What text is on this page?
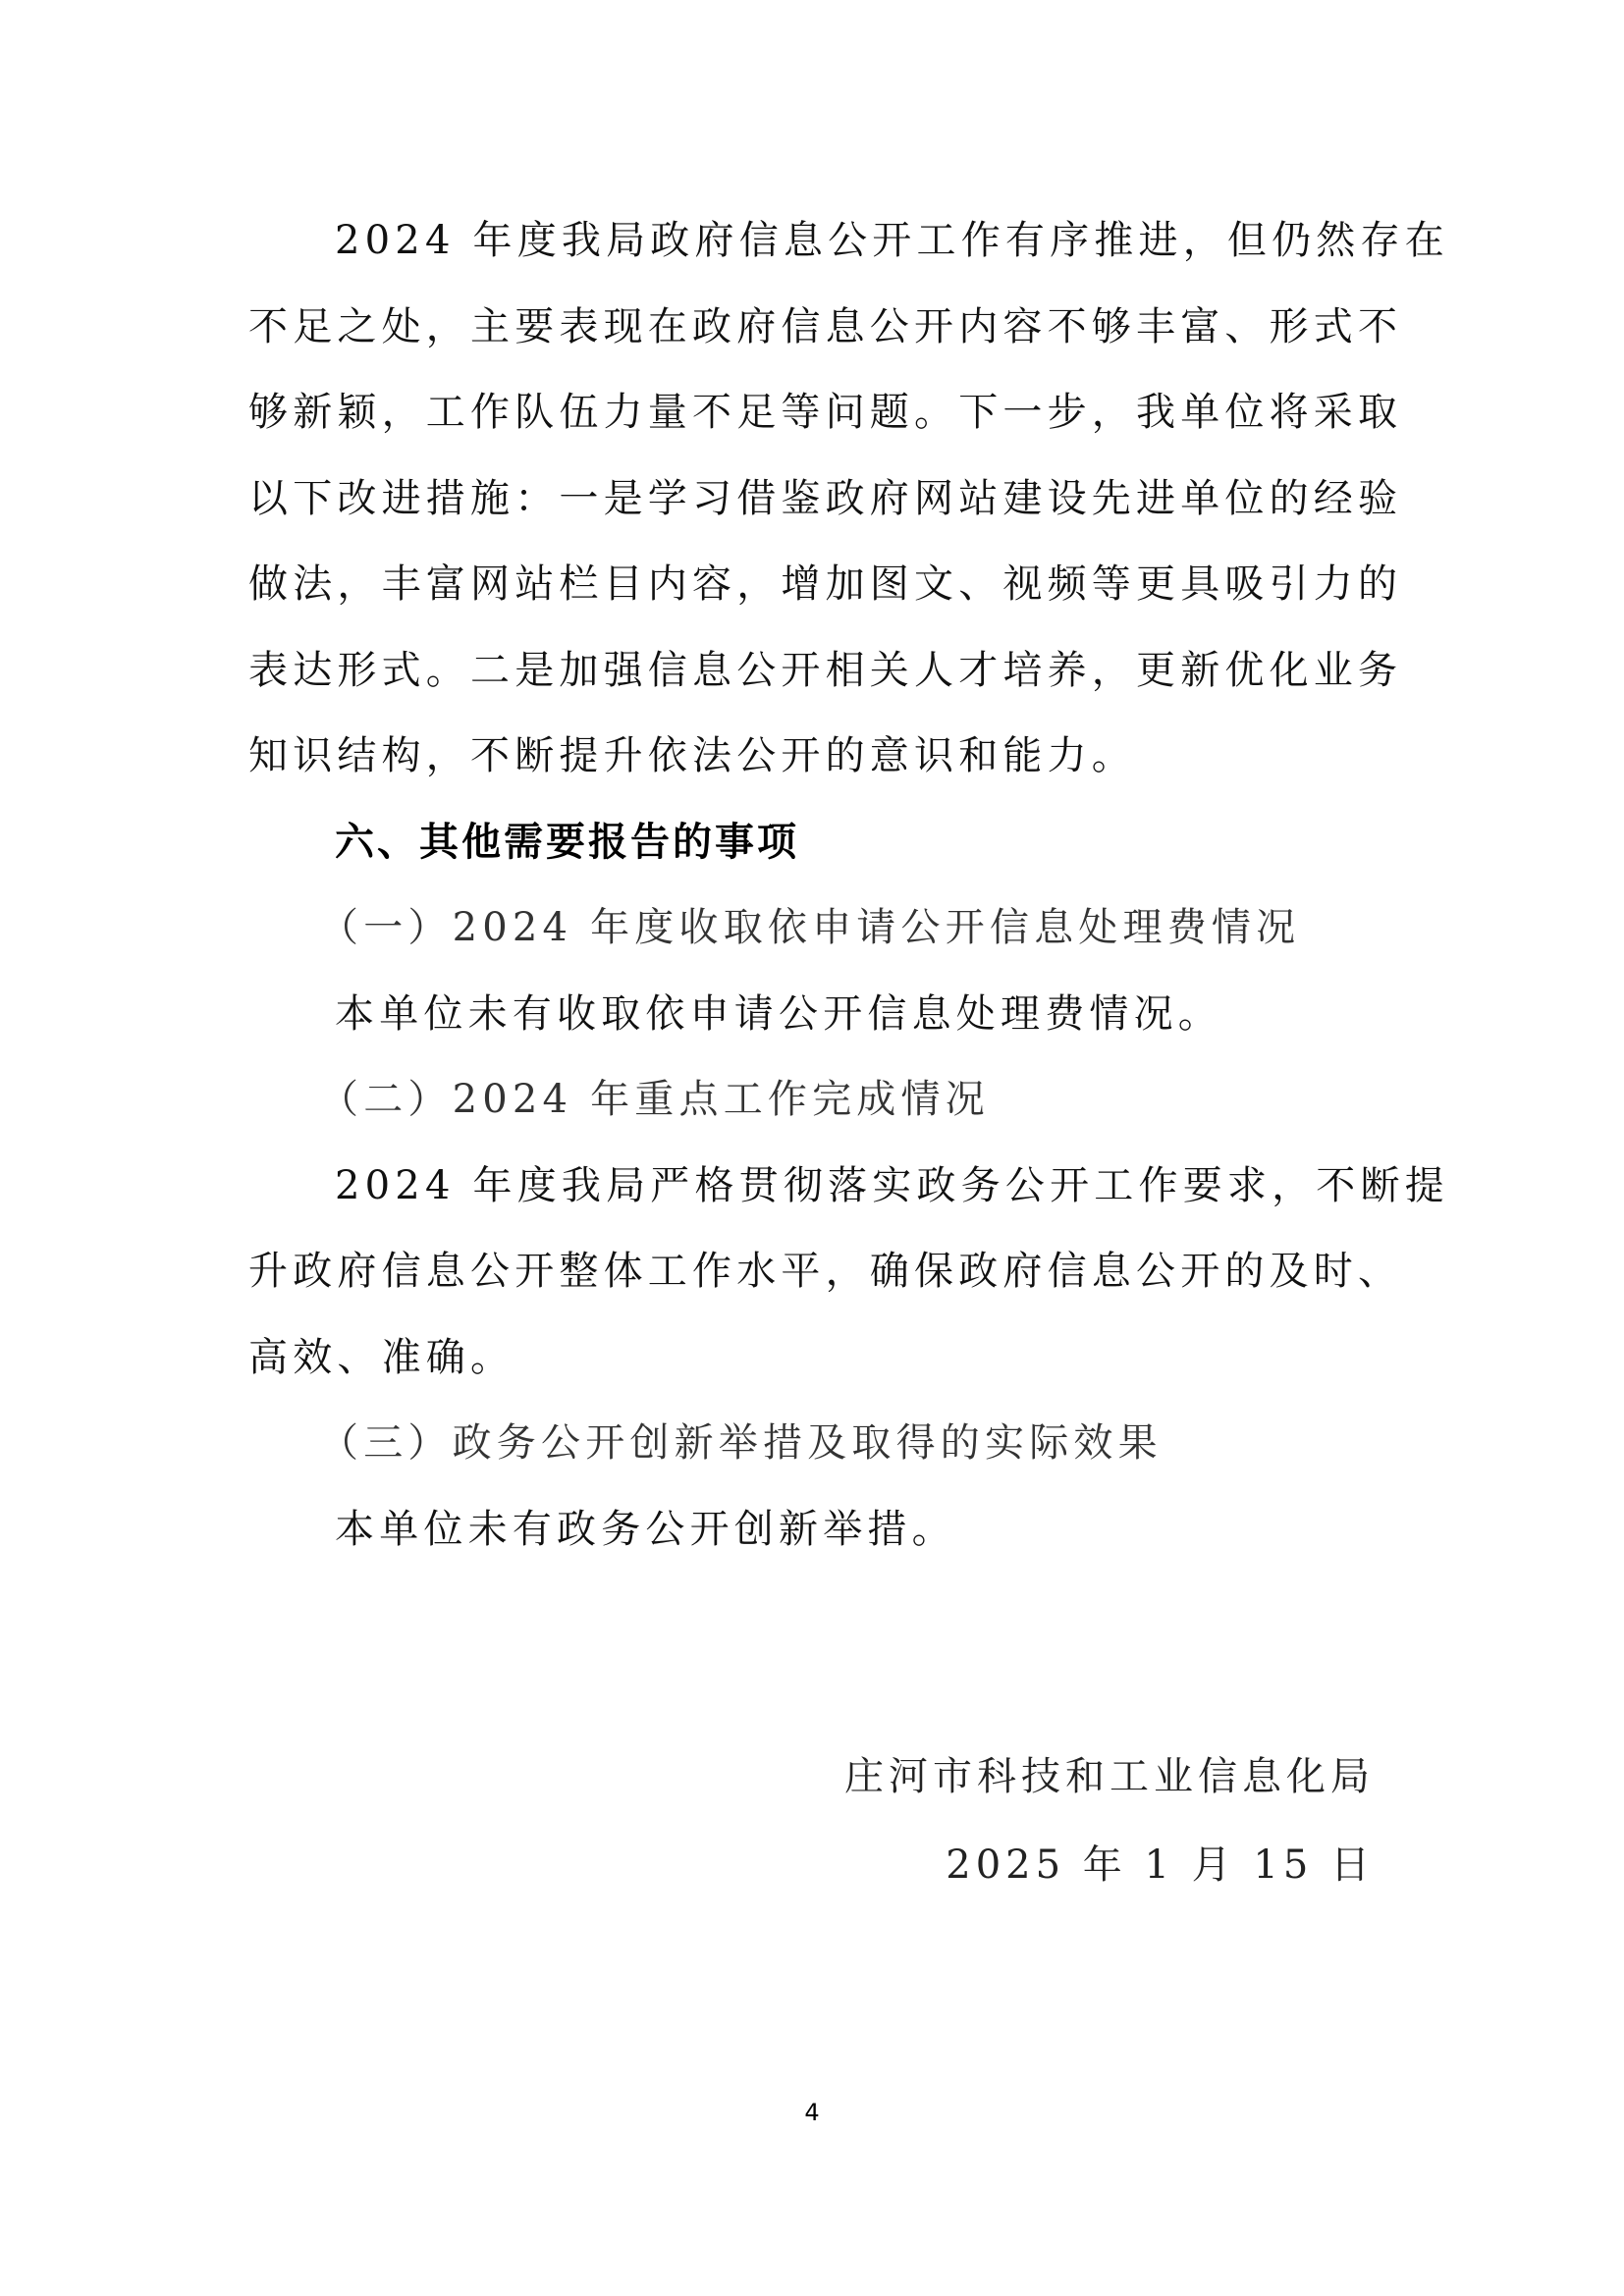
2024 年度我局政府信息公开工作有序推进，但仍然存在
不足之处，主要表现在政府信息公开内容不够丰富、形式不
够新颖，工作队伍力量不足等问题。下一步，我单位将采取
以下改进措施：一是学习借鉴政府网站建设先进单位的经验
做法，丰富网站栏目内容，增加图文、视频等更具吸引力的
表达形式。二是加强信息公开相关人才培养，更新优化业务
知识结构，不断提升依法公开的意识和能力。
六、其他需要报告的事项
（一）2024 年度收取依申请公开信息处理费情况
本单位未有收取依申请公开信息处理费情况。
（二）2024 年重点工作完成情况
2024 年度我局严格贯彻落实政务公开工作要求，不断提
升政府信息公开整体工作水平，确保政府信息公开的及时、
高效、准确。
（三）政务公开创新举措及取得的实际效果
本单位未有政务公开创新举措。
庄河市科技和工业信息化局
2025 年 1 月 15 日
4
